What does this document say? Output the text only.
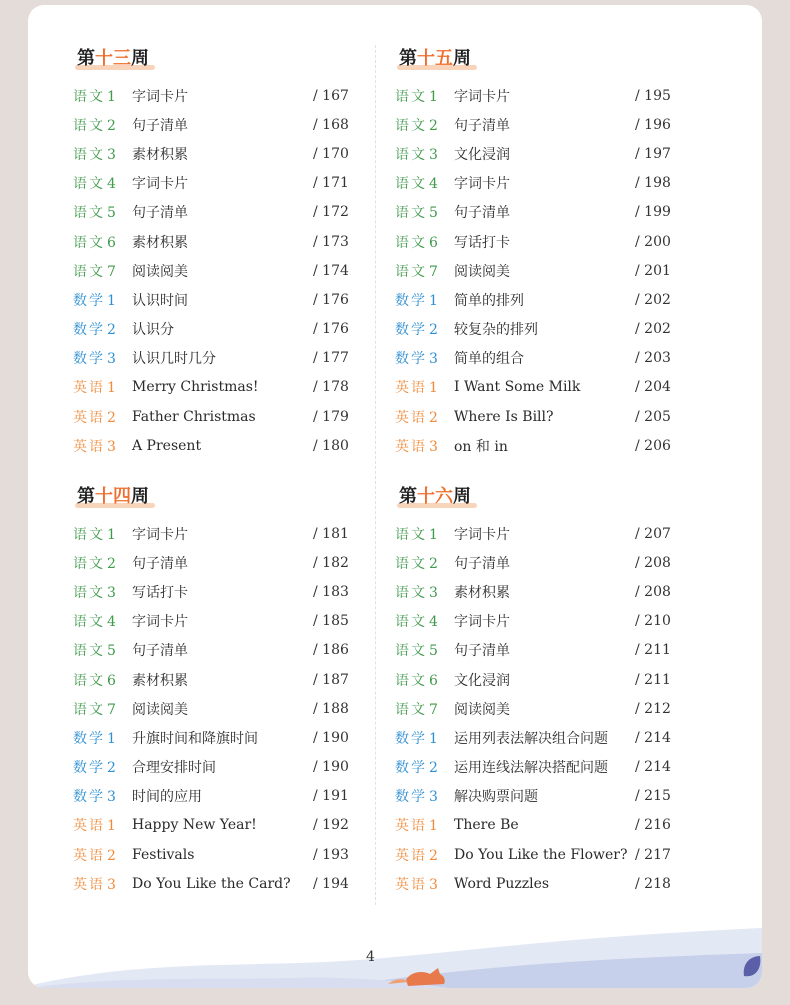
第十三周
语文 1	字词卡片	/ 167
语文 2	句子清单	/ 168
语文 3	素材积累	/ 170
语文 4	字词卡片	/ 171
语文 5	句子清单	/ 172
语文 6	素材积累	/ 173
语文 7	阅读阅美	/ 174
数学 1	认识时间	/ 176
数学 2	认识分	/ 176
数学 3	认识几时几分	/ 177
英语 1	Merry Christmas!	/ 178
英语 2	Father Christmas	/ 179
英语 3	A Present	/ 180
第十五周
语文 1	字词卡片	/ 195
语文 2	句子清单	/ 196
语文 3	文化浸润	/ 197
语文 4	字词卡片	/ 198
语文 5	句子清单	/ 199
语文 6	写话打卡	/ 200
语文 7	阅读阅美	/ 201
数学 1	简单的排列	/ 202
数学 2	较复杂的排列	/ 202
数学 3	简单的组合	/ 203
英语 1	I Want Some Milk	/ 204
英语 2	Where Is Bill?	/ 205
英语 3	on 和 in	/ 206
第十四周
语文 1	字词卡片	/ 181
语文 2	句子清单	/ 182
语文 3	写话打卡	/ 183
语文 4	字词卡片	/ 185
语文 5	句子清单	/ 186
语文 6	素材积累	/ 187
语文 7	阅读阅美	/ 188
数学 1	升旗时间和降旗时间	/ 190
数学 2	合理安排时间	/ 190
数学 3	时间的应用	/ 191
英语 1	Happy New Year!	/ 192
英语 2	Festivals	/ 193
英语 3	Do You Like the Card?	/ 194
第十六周
语文 1	字词卡片	/ 207
语文 2	句子清单	/ 208
语文 3	素材积累	/ 208
语文 4	字词卡片	/ 210
语文 5	句子清单	/ 211
语文 6	文化浸润	/ 211
语文 7	阅读阅美	/ 212
数学 1	运用列表法解决组合问题	/ 214
数学 2	运用连线法解决搭配问题	/ 214
数学 3	解决购票问题	/ 215
英语 1	There Be	/ 216
英语 2	Do You Like the Flower? / 217
英语 3	Word Puzzles	/ 218
4
